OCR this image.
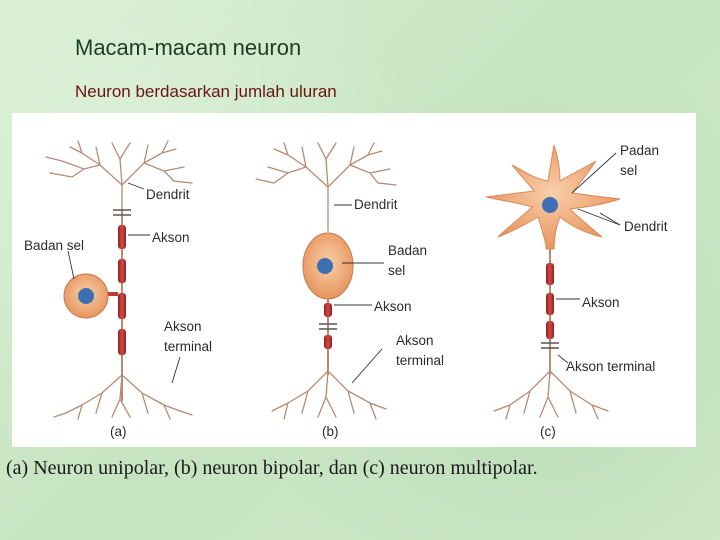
Macam-macam neuron
Neuron berdasarkan jumlah uluran
Dendrit
Akson
Badan sel
Akson
terminal
(a)
Dendrit
Badan
sel
Akson
Akson
terminal
(b)
Padan
sel
Dendrit
Akson
Akson terminal
(c)
(a) Neuron unipolar, (b) neuron bipolar, dan (c) neuron multipolar.
